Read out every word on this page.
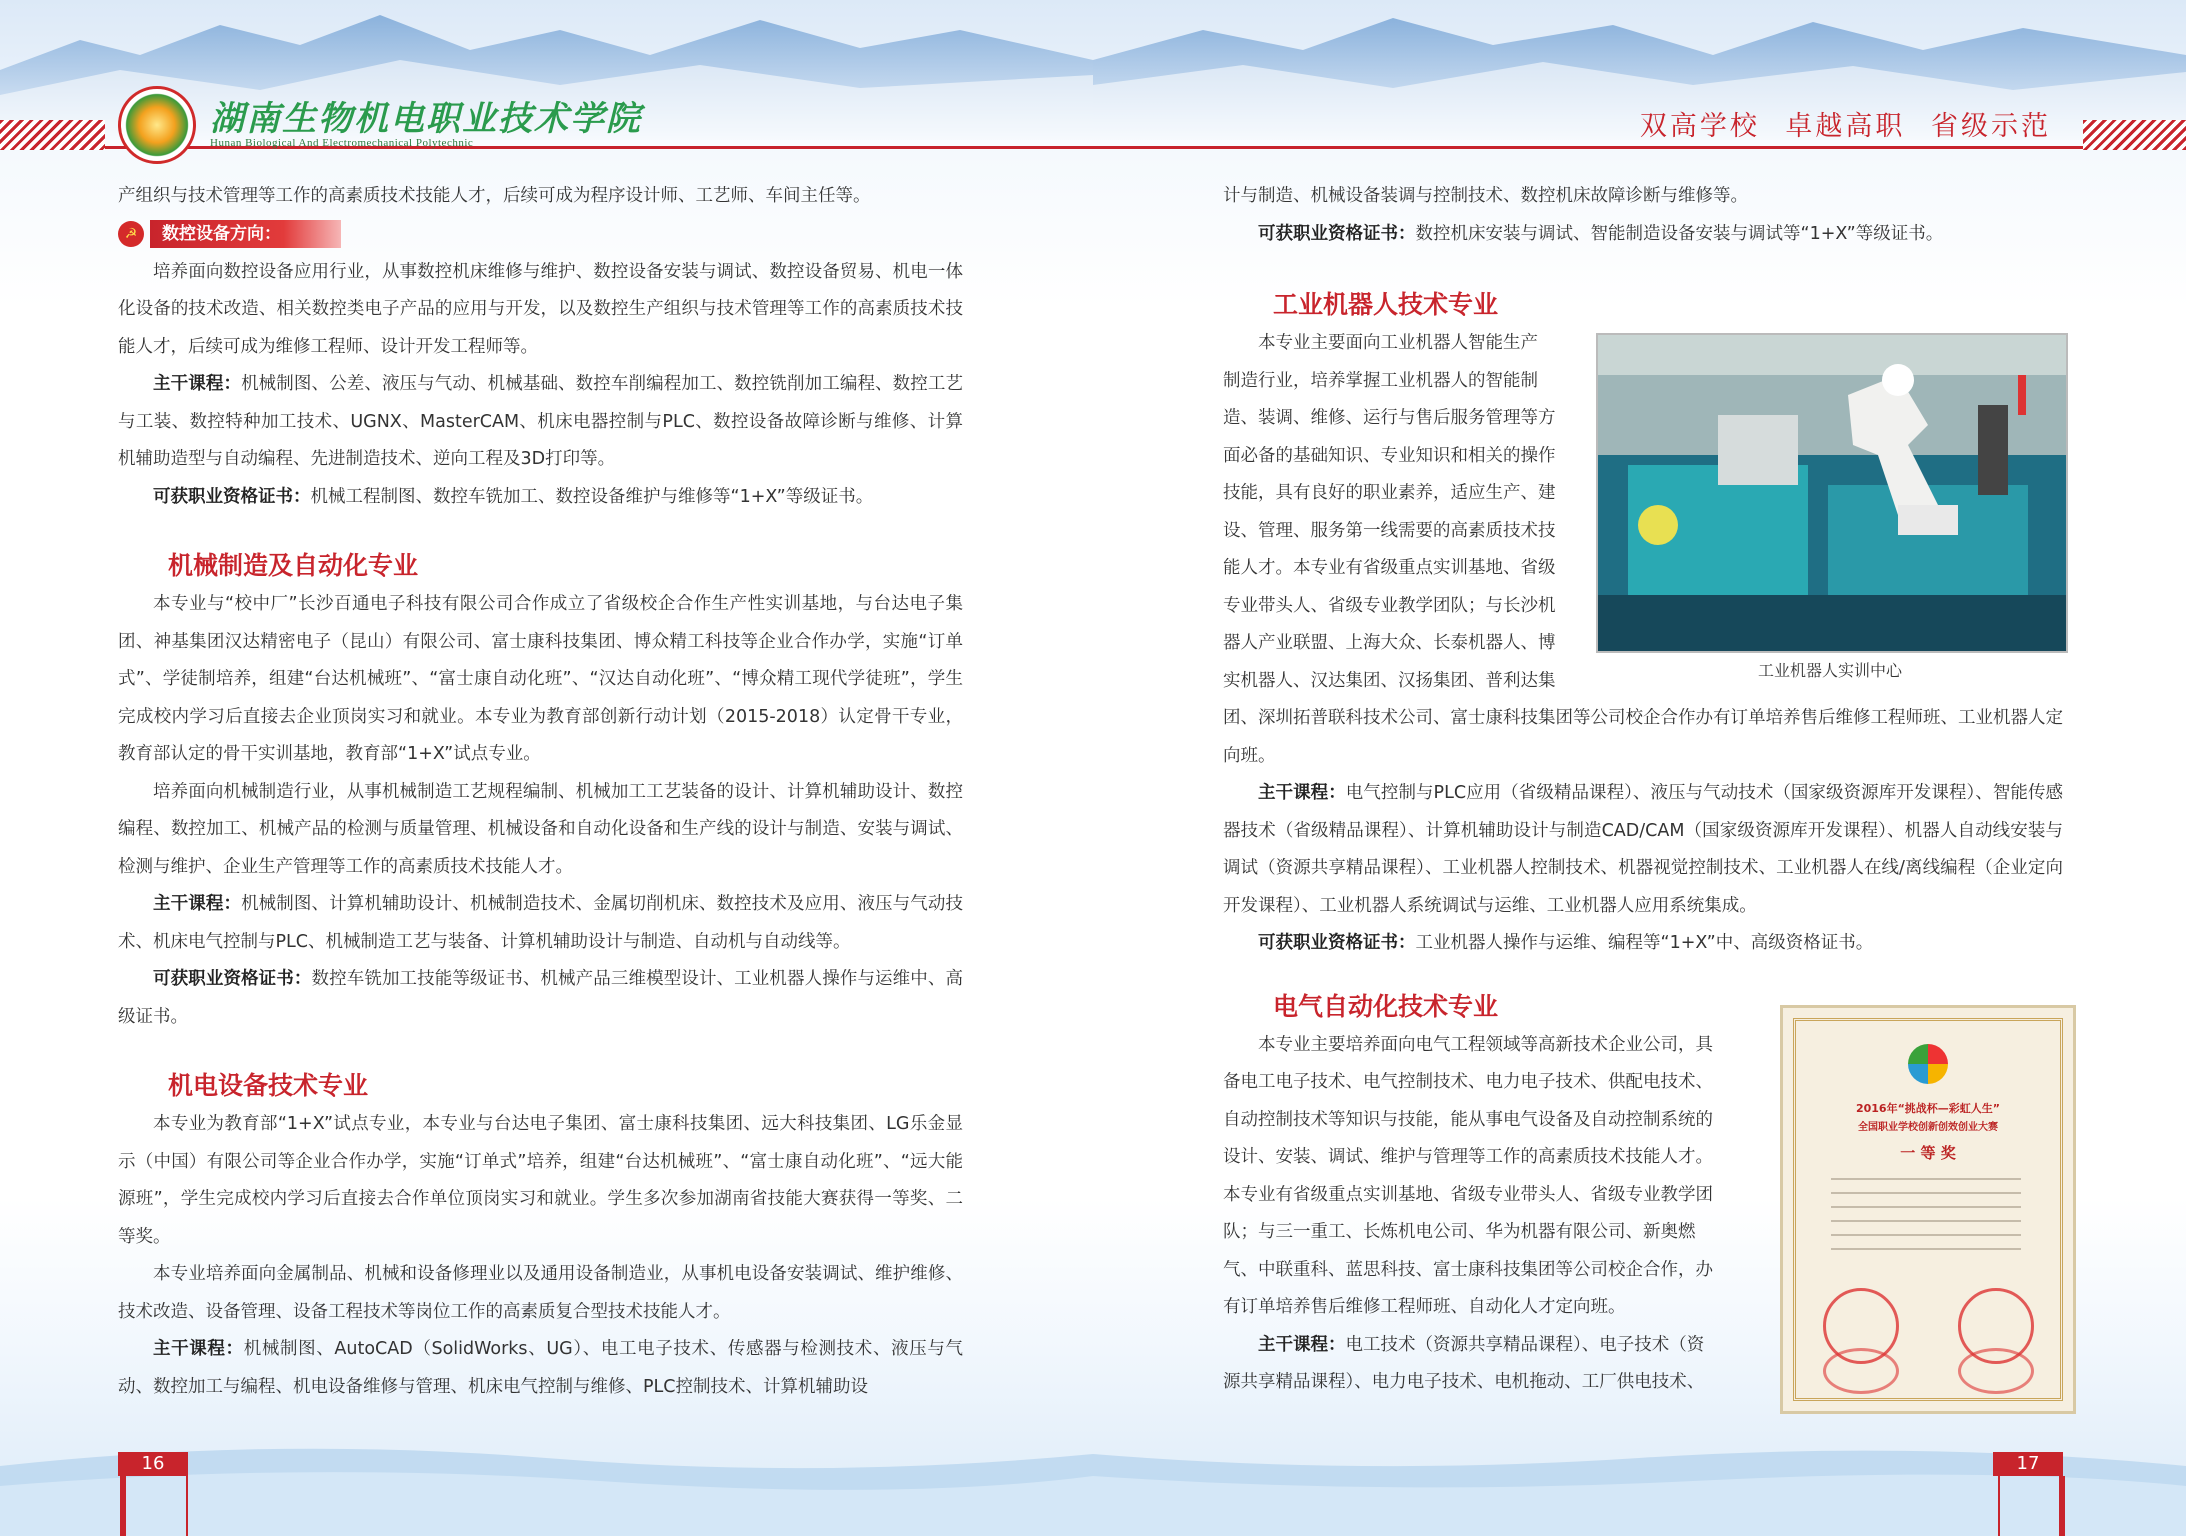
湖南生物机电职业技术学院
Hunan Biological And Electromechanical Polytechnic

产组织与技术管理等工作的高素质技术技能人才，后续可成为程序设计师、工艺师、车间主任等。

☭	数控设备方向：

培养面向数控设备应用行业，从事数控机床维修与维护、数控设备安装与调试、数控设备贸易、机电一体化设备的技术改造、相关数控类电子产品的应用与开发，以及数控生产组织与技术管理等工作的高素质技术技能人才，后续可成为维修工程师、设计开发工程师等。

主干课程：机械制图、公差、液压与气动、机械基础、数控车削编程加工、数控铣削加工编程、数控工艺与工装、数控特种加工技术、UGNX、MasterCAM、机床电器控制与PLC、数控设备故障诊断与维修、计算机辅助造型与自动编程、先进制造技术、逆向工程及3D打印等。

可获职业资格证书：机械工程制图、数控车铣加工、数控设备维护与维修等“1+X”等级证书。

机械制造及自动化专业

本专业与“校中厂”长沙百通电子科技有限公司合作成立了省级校企合作生产性实训基地，与台达电子集团、神基集团汉达精密电子（昆山）有限公司、富士康科技集团、博众精工科技等企业合作办学，实施“订单式”、学徒制培养，组建“台达机械班”、“富士康自动化班”、“汉达自动化班”、“博众精工现代学徒班”，学生完成校内学习后直接去企业顶岗实习和就业。本专业为教育部创新行动计划（2015-2018）认定骨干专业，教育部认定的骨干实训基地，教育部“1+X”试点专业。

培养面向机械制造行业，从事机械制造工艺规程编制、机械加工工艺装备的设计、计算机辅助设计、数控编程、数控加工、机械产品的检测与质量管理、机械设备和自动化设备和生产线的设计与制造、安装与调试、检测与维护、企业生产管理等工作的高素质技术技能人才。

主干课程：机械制图、计算机辅助设计、机械制造技术、金属切削机床、数控技术及应用、液压与气动技术、机床电气控制与PLC、机械制造工艺与装备、计算机辅助设计与制造、自动机与自动线等。

可获职业资格证书：数控车铣加工技能等级证书、机械产品三维模型设计、工业机器人操作与运维中、高级证书。

机电设备技术专业

本专业为教育部“1+X”试点专业，本专业与台达电子集团、富士康科技集团、远大科技集团、LG乐金显示（中国）有限公司等企业合作办学，实施“订单式”培养，组建“台达机械班”、“富士康自动化班”、“远大能源班”，学生完成校内学习后直接去合作单位顶岗实习和就业。学生多次参加湖南省技能大赛获得一等奖、二等奖。

本专业培养面向金属制品、机械和设备修理业以及通用设备制造业，从事机电设备安装调试、维护维修、技术改造、设备管理、设备工程技术等岗位工作的高素质复合型技术技能人才。

主干课程：机械制图、AutoCAD（SolidWorks、UG）、电工电子技术、传感器与检测技术、液压与气动、数控加工与编程、机电设备维修与管理、机床电气控制与维修、PLC控制技术、计算机辅助设

16
双高学校 卓越高职 省级示范

计与制造、机械设备装调与控制技术、数控机床故障诊断与维修等。

可获职业资格证书：数控机床安装与调试、智能制造设备安装与调试等“1+X”等级证书。

工业机器人技术专业

本专业主要面向工业机器人智能生产

制造行业，培养掌握工业机器人的智能制

造、装调、维修、运行与售后服务管理等方

面必备的基础知识、专业知识和相关的操作

技能，具有良好的职业素养，适应生产、建

设、管理、服务第一线需要的高素质技术技

能人才。本专业有省级重点实训基地、省级

专业带头人、省级专业教学团队；与长沙机

器人产业联盟、上海大众、长泰机器人、博

实机器人、汉达集团、汉扬集团、普利达集

团、深圳拓普联科技术公司、富士康科技集团等公司校企合作办有订单培养售后维修工程师班、工业机器人定向班。

主干课程：电气控制与PLC应用（省级精品课程）、液压与气动技术（国家级资源库开发课程）、智能传感器技术（省级精品课程）、计算机辅助设计与制造CAD/CAM（国家级资源库开发课程）、机器人自动线安装与调试（资源共享精品课程）、工业机器人控制技术、机器视觉控制技术、工业机器人在线/离线编程（企业定向开发课程）、工业机器人系统调试与运维、工业机器人应用系统集成。

可获职业资格证书：工业机器人操作与运维、编程等“1+X”中、高级资格证书。

电气自动化技术专业

本专业主要培养面向电气工程领域等高新技术企业公司，具

备电工电子技术、电气控制技术、电力电子技术、供配电技术、

自动控制技术等知识与技能，能从事电气设备及自动控制系统的

设计、安装、调试、维护与管理等工作的高素质技术技能人才。

本专业有省级重点实训基地、省级专业带头人、省级专业教学团

队；与三一重工、长炼机电公司、华为机器有限公司、新奥燃

气、中联重科、蓝思科技、富士康科技集团等公司校企合作，办

有订单培养售后维修工程师班、自动化人才定向班。

主干课程：电工技术（资源共享精品课程）、电子技术（资

源共享精品课程）、电力电子技术、电机拖动、工厂供电技术、

工业机器人实训中心
2016年“挑战杯—彩虹人生”
全国职业学校创新创效创业大赛
一 等 奖
17
